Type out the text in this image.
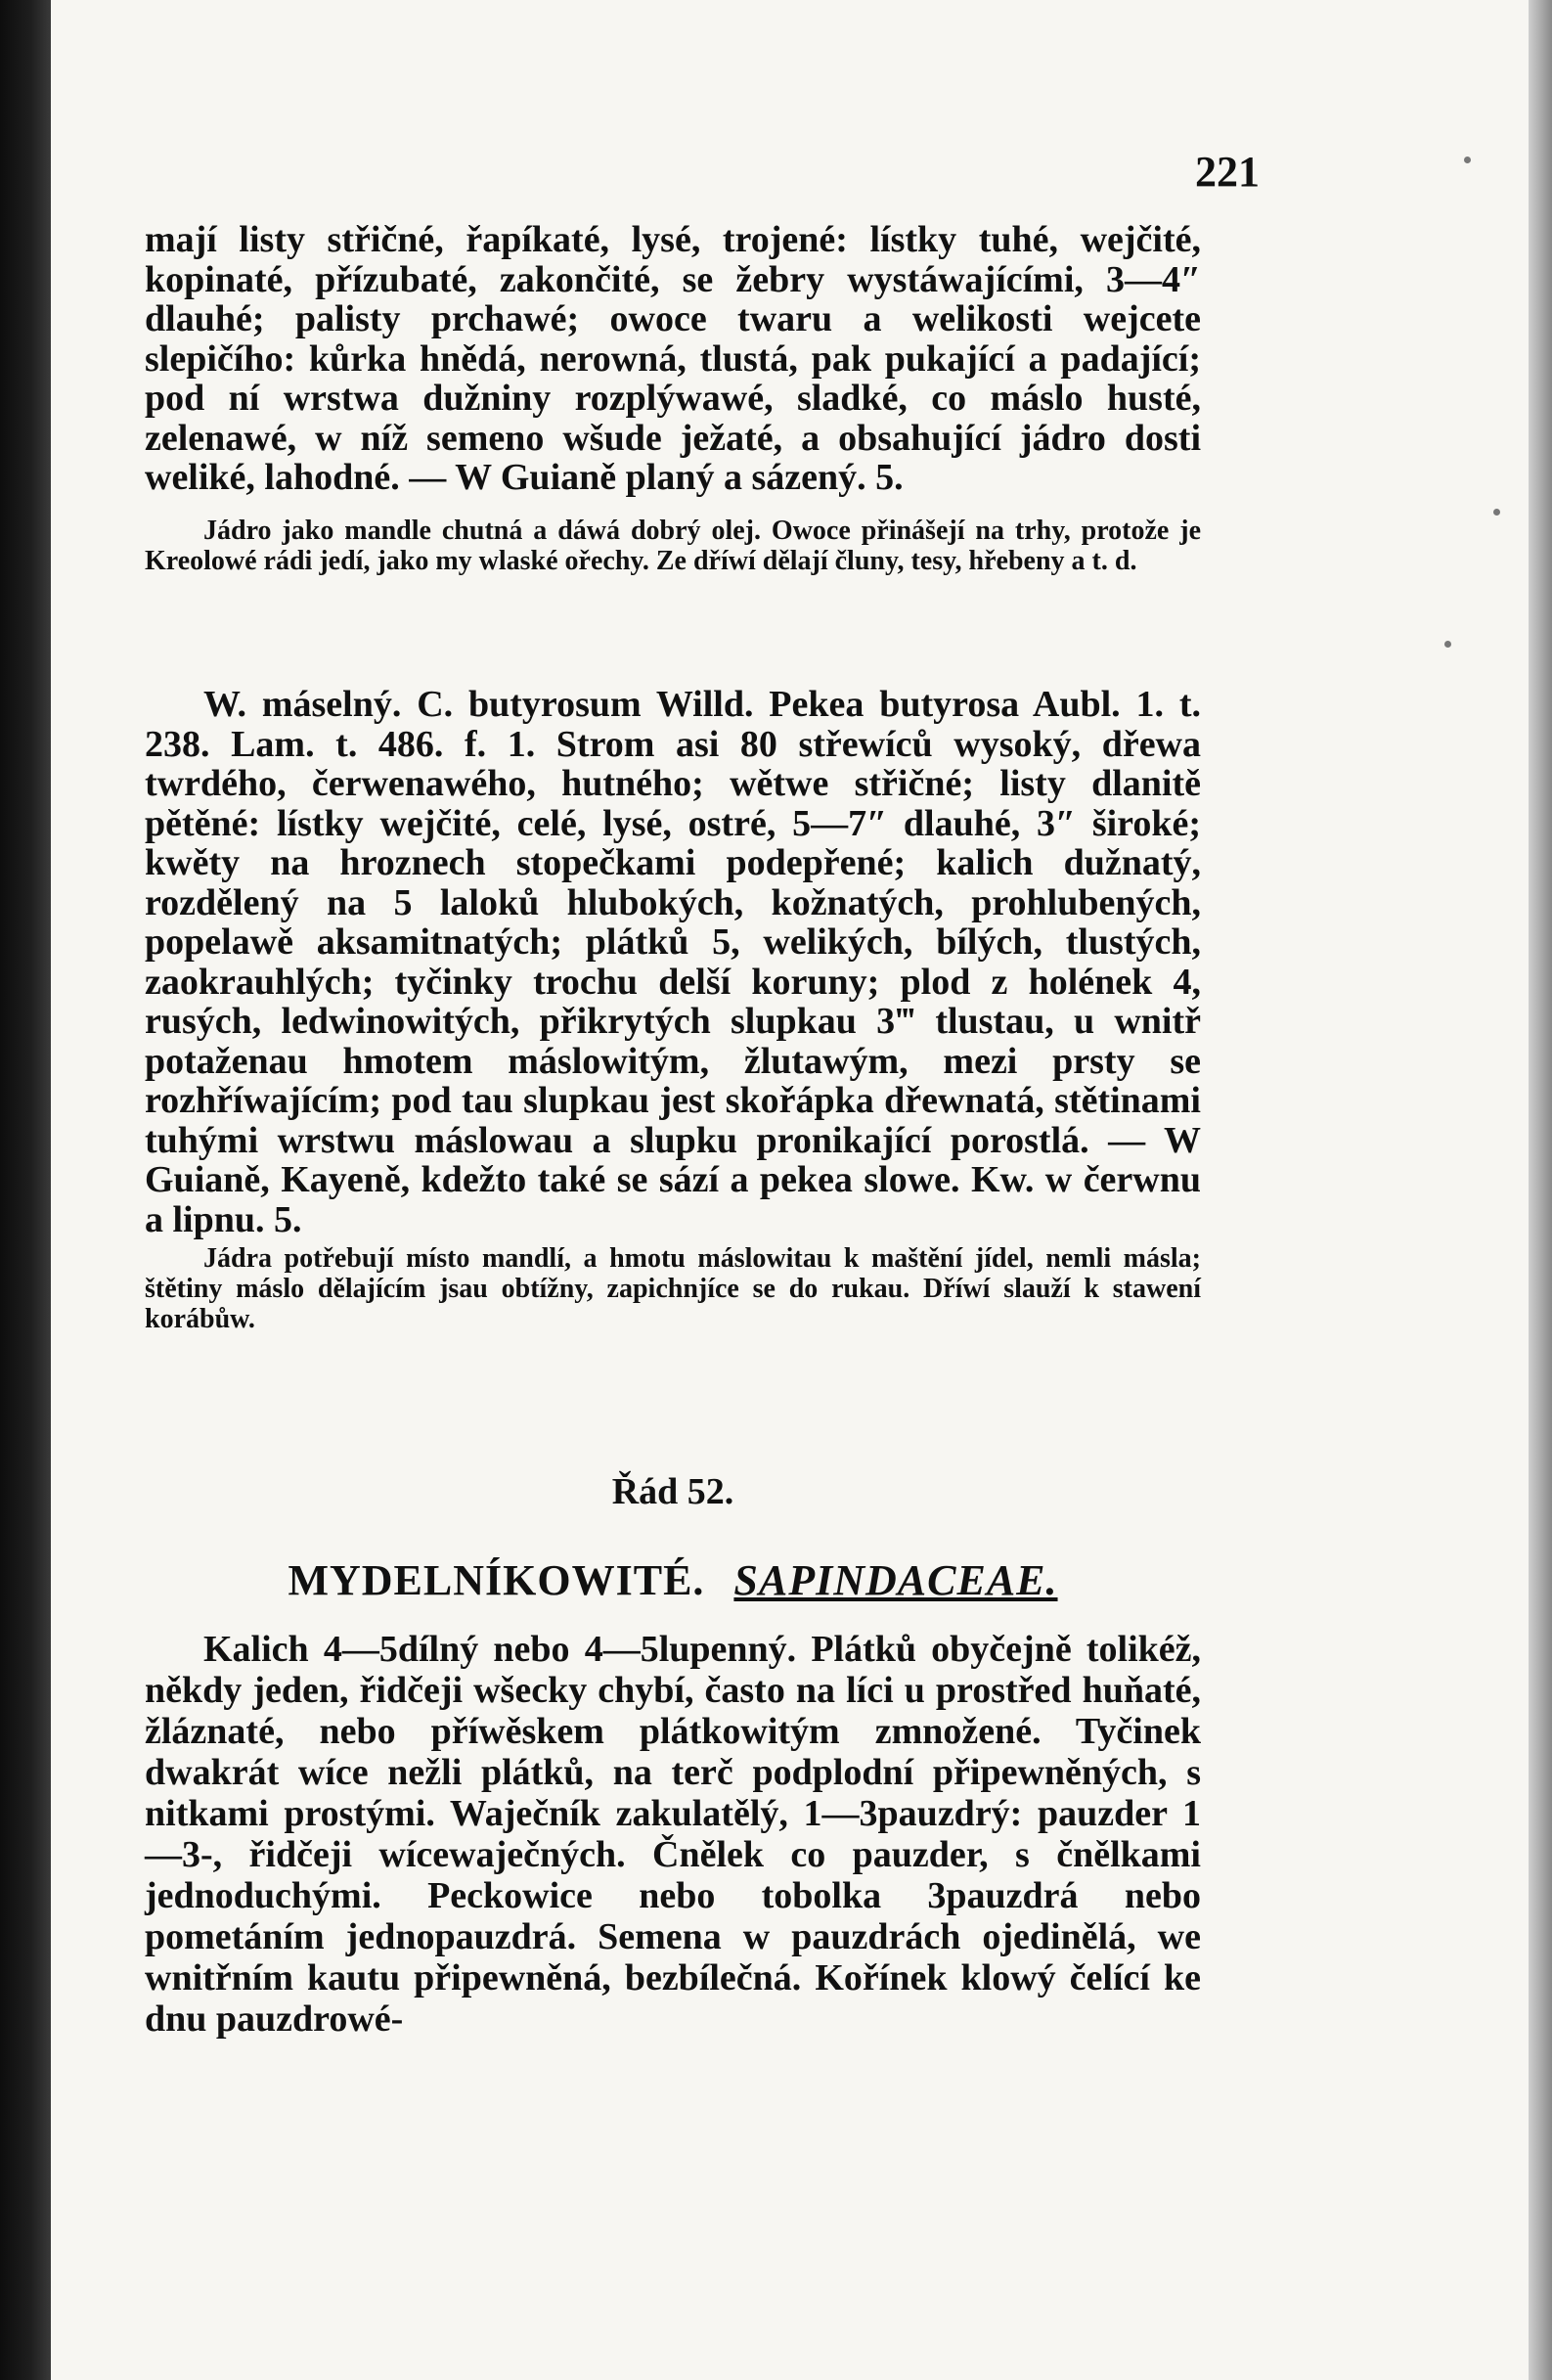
221

mají listy střičné, řapíkaté, lysé, trojené: lístky tuhé, wejčité, kopinaté, přízubaté, zakončité, se žebry wystáwajícími, 3—4″ dlauhé; palisty prchawé; owoce twaru a welikosti wejcete slepičího: kůrka hnědá, nerowná, tlustá, pak pukající a padající; pod ní wrstwa dužniny rozplýwawé, sladké, co máslo husté, zelenawé, w níž semeno wšude ježaté, a obsahující jádro dosti weliké, lahodné. — W Guianě planý a sázený. 5.

Jádro jako mandle chutná a dáwá dobrý olej. Owoce přinášejí na trhy, protože je Kreolowé rádi jedí, jako my wlaské ořechy. Ze dříwí dělají čluny, tesy, hřebeny a t. d.

W. máselný. C. butyrosum Willd. Pekea butyrosa Aubl. 1. t. 238. Lam. t. 486. f. 1. Strom asi 80 střewíců wysoký, dřewa twrdého, čerwenawého, hutného; wětwe střičné; listy dlanitě pětěné: lístky wejčité, celé, lysé, ostré, 5—7″ dlauhé, 3″ široké; kwěty na hroznech stopečkami podepřené; kalich dužnatý, rozdělený na 5 laloků hlubokých, kožnatých, prohlubených, popelawě aksamitnatých; plátků 5, welikých, bílých, tlustých, zaokrauhlých; tyčinky trochu delší koruny; plod z holének 4, rusých, ledwinowitých, přikrytých slupkau 3‴ tlustau, u wnitř potaženau hmotem máslowitým, žlutawým, mezi prsty se rozhříwajícím; pod tau slupkau jest skořápka dřewnatá, stětinami tuhými wrstwu máslowau a slupku pronikající porostlá. — W Guianě, Kayeně, kdežto také se sází a pekea slowe. Kw. w čerwnu a lipnu. 5.

Jádra potřebují místo mandlí, a hmotu máslowitau k maštění jídel, nemli másla; štětiny máslo dělajícím jsau obtížny, zapichnjíce se do rukau. Dříwí slauží k stawení korábůw.

Řád 52.
MYDELNÍKOWITÉ. SAPINDACEAE.

Kalich 4—5dílný nebo 4—5lupenný. Plátků obyčejně tolikéž, někdy jeden, řidčeji wšecky chybí, často na líci u prostřed huňaté, žláznaté, nebo příwěskem plátkowitým zmnožené. Tyčinek dwakrát wíce nežli plátků, na terč podplodní připewněných, s nitkami prostými. Waječník zakulatělý, 1—3pauzdrý: pauzder 1—3-, řidčeji wícewaječných. Čnělek co pauzder, s čnělkami jednoduchými. Peckowice nebo tobolka 3pauzdrá nebo pometáním jednopauzdrá. Semena w pauzdrách ojedinělá, we wnitřním kautu připewněná, bezbílečná. Kořínek klowý čelící ke dnu pauzdrowé-
